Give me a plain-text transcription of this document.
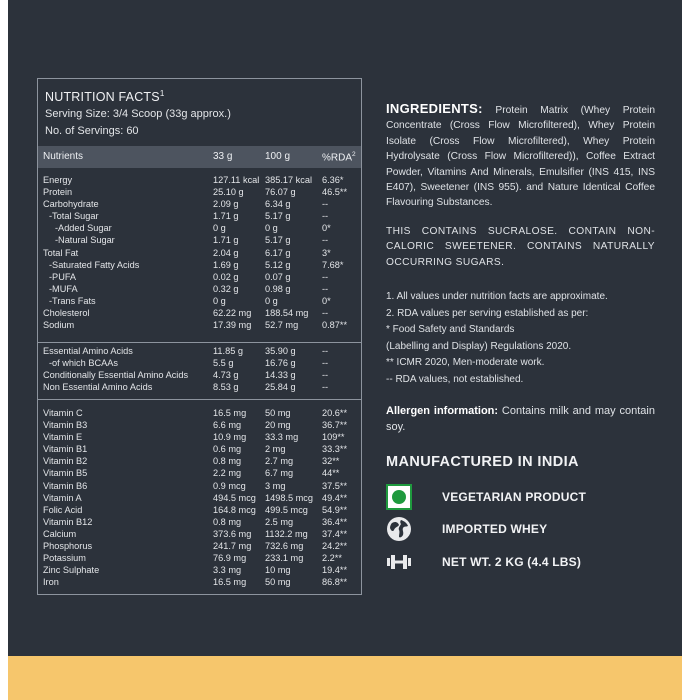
NUTRITION FACTS$^1$
Serving Size: 3/4 Scoop (33g approx.)
No. of Servings: 60
Nutrients	33 g	100 g	%RDA$^2$
Energy	127.11 kcal 385.17 kcal 6.36*
Protein	25.10 g 76.07 g	46.5**
Carbohydrate	2.09 g	6.34 g	--
-Total Sugar	1.71 g	5.17 g	--
-Added Sugar	0 g	0 g	0*
-Natural Sugar	1.71 g	5.17 g	--
Total Fat	2.04 g	6.17 g	3*
-Saturated Fatty Acids	1.69 g	5.12 g	7.68*
-PUFA	0.02 g	0.07 g	--
-MUFA	0.32 g	0.98 g	--
-Trans Fats	0 g	0 g	0*
Cholesterol	62.22 mg 188.54 mg --
Sodium	17.39 mg 52.7 mg	0.87**
Essential Amino Acids	11.85 g 35.90 g	--
-of which BCAAs	5.5 g	16.76 g	--
Conditionally Essential Amino Acids	4.73 g	14.33 g	--
Non Essential Amino Acids	8.53 g	25.84 g	--
Vitamin C	16.5 mg 50 mg	20.6**
Vitamin B3	6.6 mg	20 mg	36.7**
Vitamin E	10.9 mg 33.3 mg	109**
Vitamin B1	0.6 mg	2 mg	33.3**
Vitamin B2	0.8 mg	2.7 mg	32**
Vitamin B5	2.2 mg	6.7 mg	44**
Vitamin B6	0.9 mcg 3 mg	37.5**
Vitamin A	494.5 mcg 1498.5 mcg 49.4**
Folic Acid	164.8 mcg 499.5 mcg 54.9**
Vitamin B12	0.8 mg	2.5 mg	36.4**
Calcium	373.6 mg 1132.2 mg 37.4**
Phosphorus	241.7 mg 732.6 mg 24.2**
Potassium	76.9 mg 233.1 mg 2.2**
Zinc Sulphate	3.3 mg	10 mg	19.4**
Iron	16.5 mg 50 mg	86.8**
INGREDIENTS: Protein Matrix (Whey Protein Concentrate (Cross Flow Microfiltered), Whey Protein Isolate (Cross Flow Microfiltered), Whey Protein Hydrolysate (Cross Flow Microfiltered)), Coffee Extract Powder, Vitamins And Minerals, Emulsifier (INS 415, INS E407), Sweetener (INS 955). and Nature Identical Coffee Flavouring Substances.
THIS CONTAINS SUCRALOSE. CONTAIN NON-CALORIC SWEETENER. CONTAINS NATURALLY OCCURRING SUGARS.
1. All values under nutrition facts are approximate.
2. RDA values per serving established as per:
* Food Safety and Standards
(Labelling and Display) Regulations 2020.
** ICMR 2020, Men-moderate work.
-- RDA values, not established.
Allergen information: Contains milk and may contain soy.
MANUFACTURED IN INDIA
VEGETARIAN PRODUCT
IMPORTED WHEY
NET WT. 2 KG (4.4 LBS)
